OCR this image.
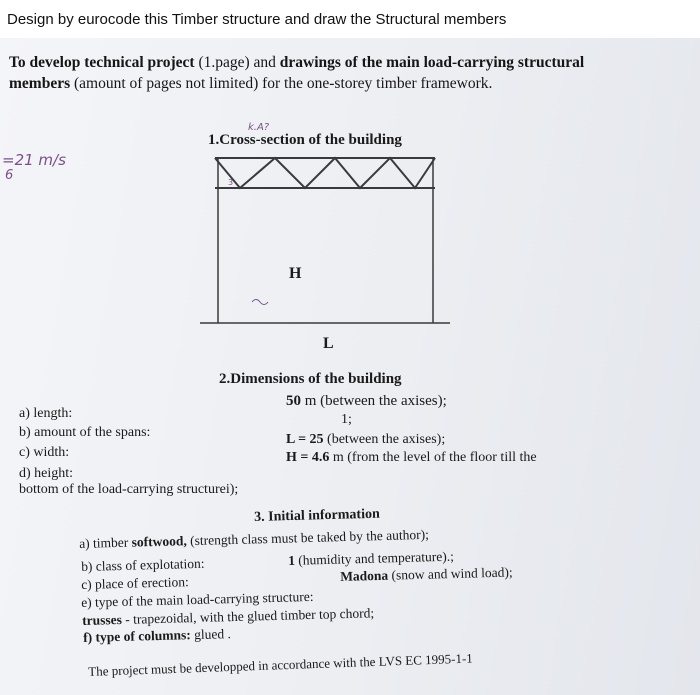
Design by eurocode this Timber structure and draw the Structural members
To develop technical project (1.page) and drawings of the main load-carrying structural members (amount of pages not limited) for the one-storey timber framework.
=21 m/s
6
k.A?
1.Cross-section of the building
3
H
L
2.Dimensions of the building
a) length:
50 m (between the axises);
b) amount of the spans:
1;
c) width:
L = 25 (between the axises);
d) height:
H = 4.6 m (from the level of the floor till the
bottom of the load-carrying structurei);
3. Initial information
a) timber softwood, (strength class must be taked by the author);
b) class of explotation:	1 (humidity and temperature).;
c) place of erection:	Madona (snow and wind load);
e) type of the main load-carrying structure:
trusses - trapezoidal, with the glued timber top chord;
f) type of columns: glued .
The project must be developped in accordance with the LVS EC 1995-1-1
